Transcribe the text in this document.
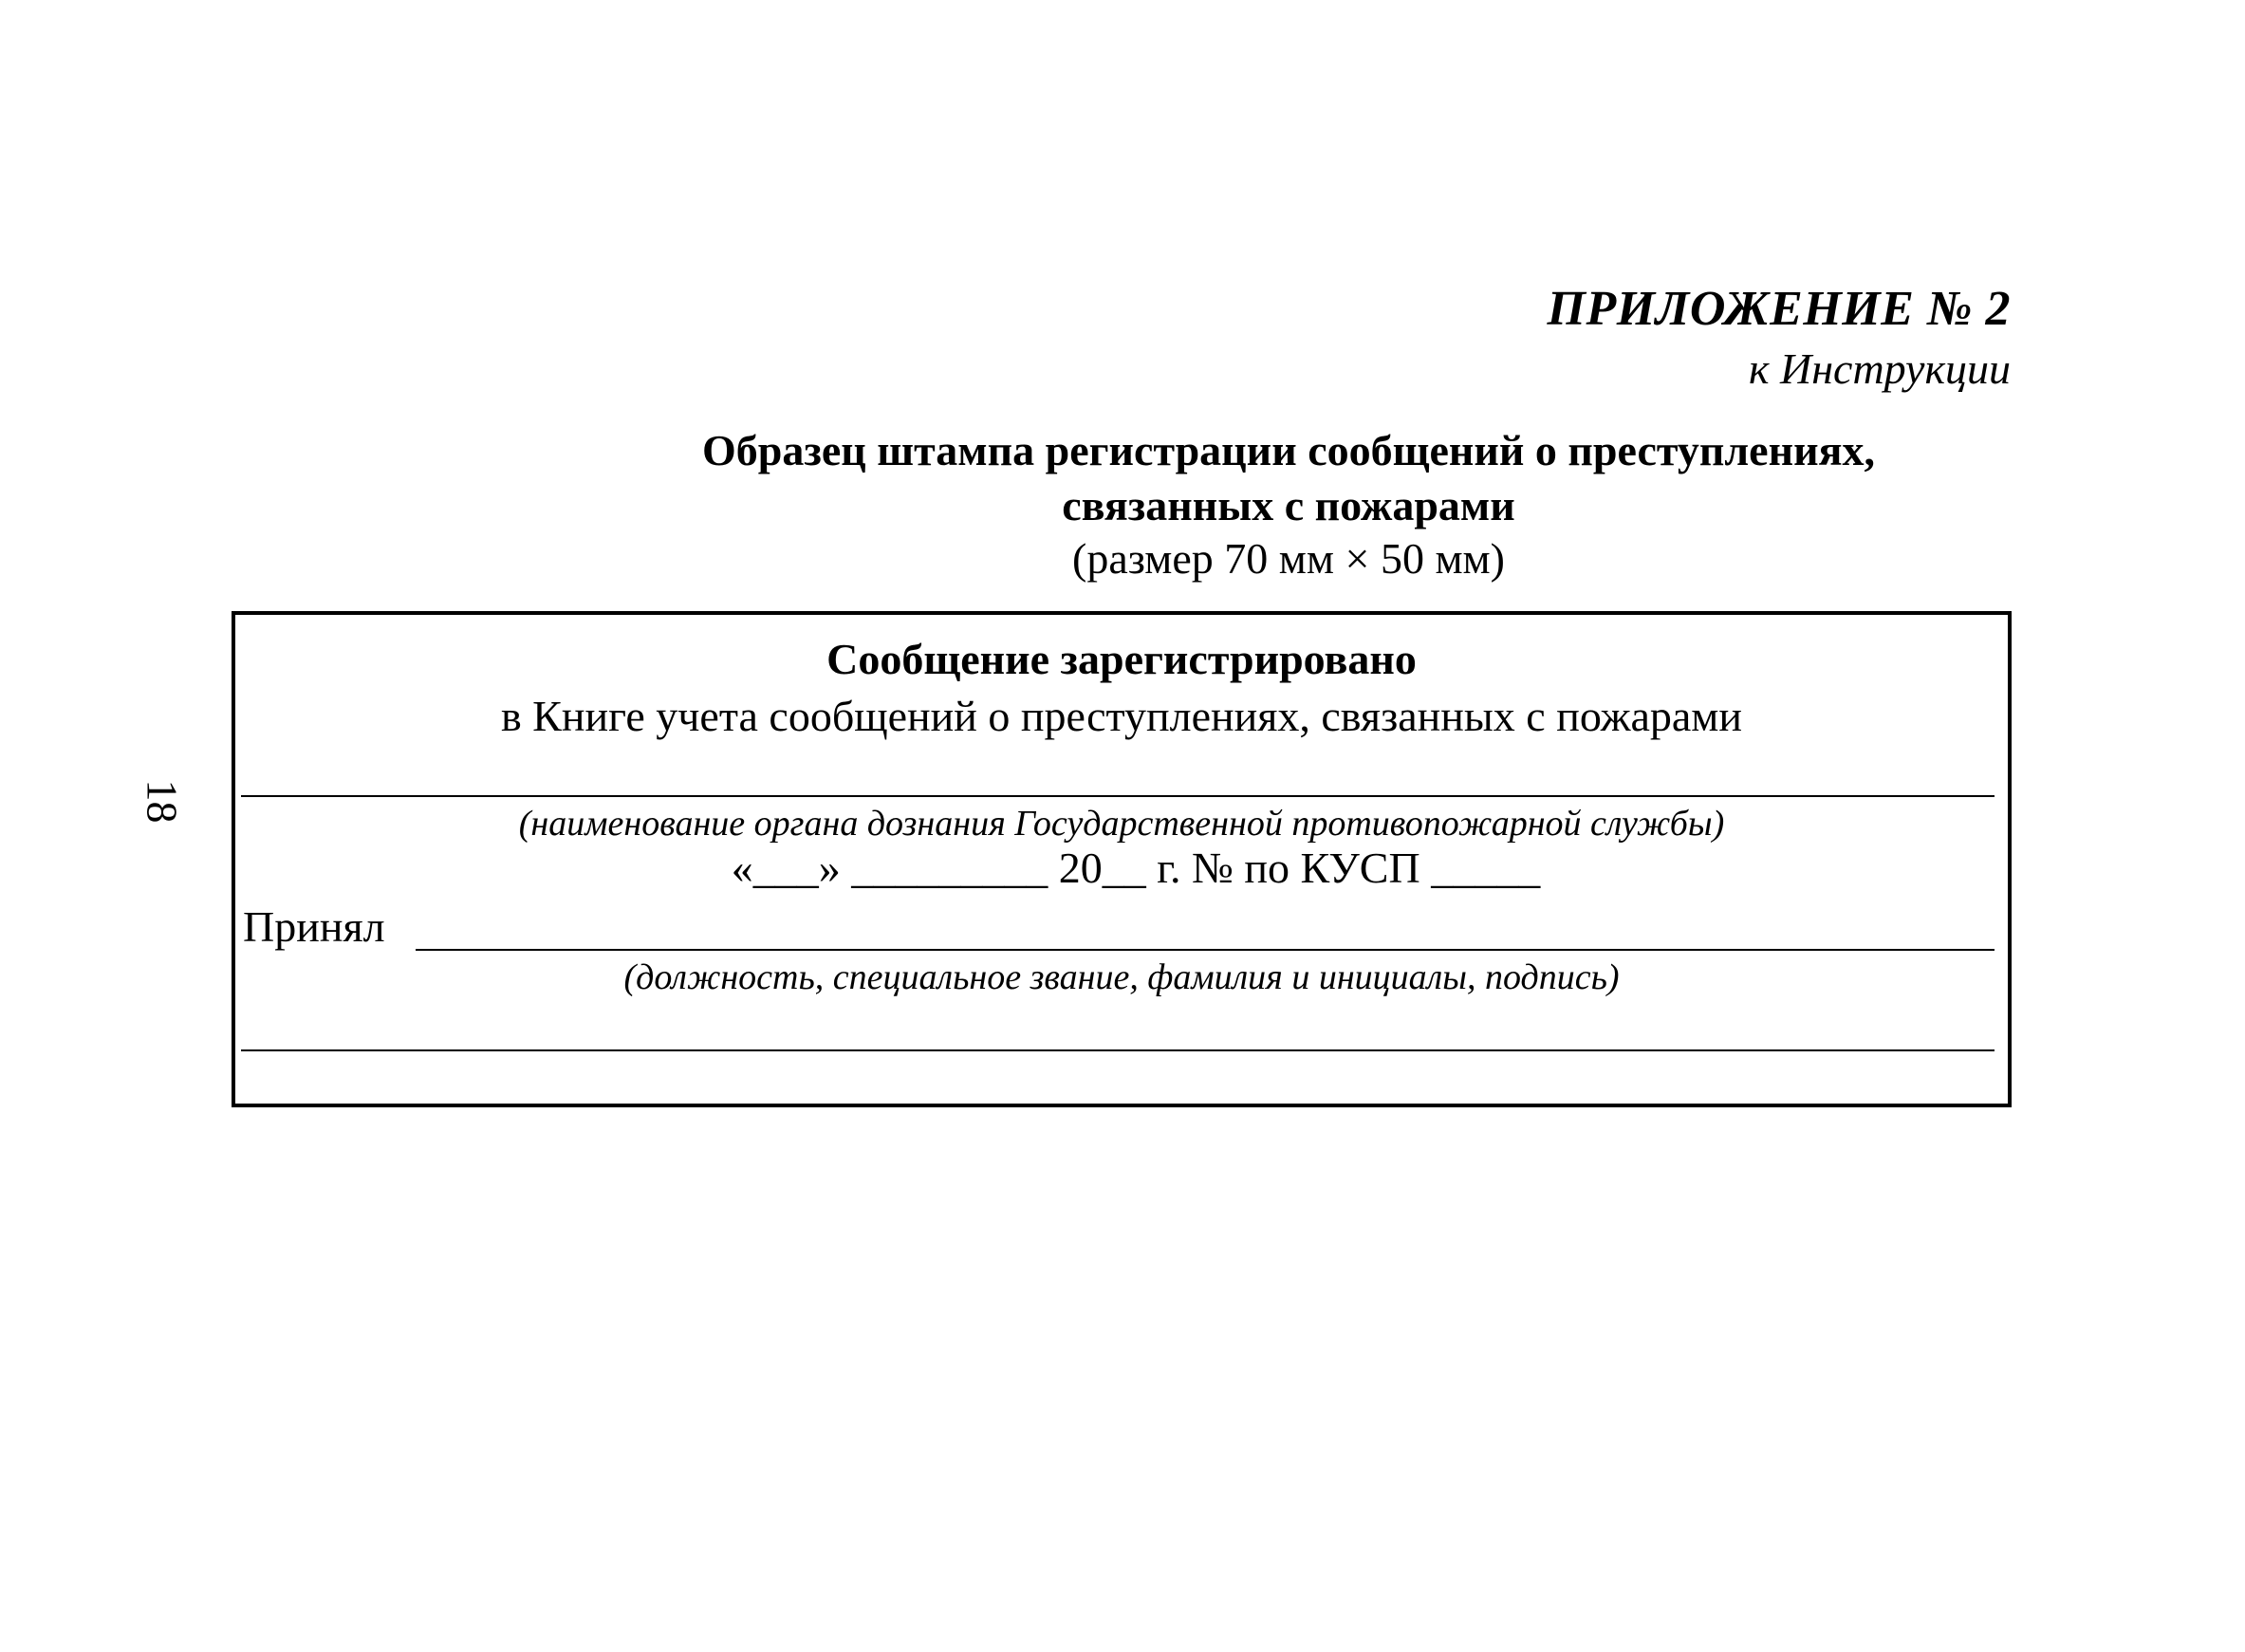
ПРИЛОЖЕНИЕ № 2

к Инструкции

Образец штампа регистрации сообщений о преступлениях,

связанных с пожарами

(размер 70 мм × 50 мм)

18

Сообщение зарегистрировано

в Книге учета сообщений о преступлениях, связанных с пожарами

(наименование органа дознания Государственной противопожарной службы)

«___» _________ 20__ г. № по КУСП _____

Принял

(должность, специальное звание, фамилия и инициалы, подпись)
